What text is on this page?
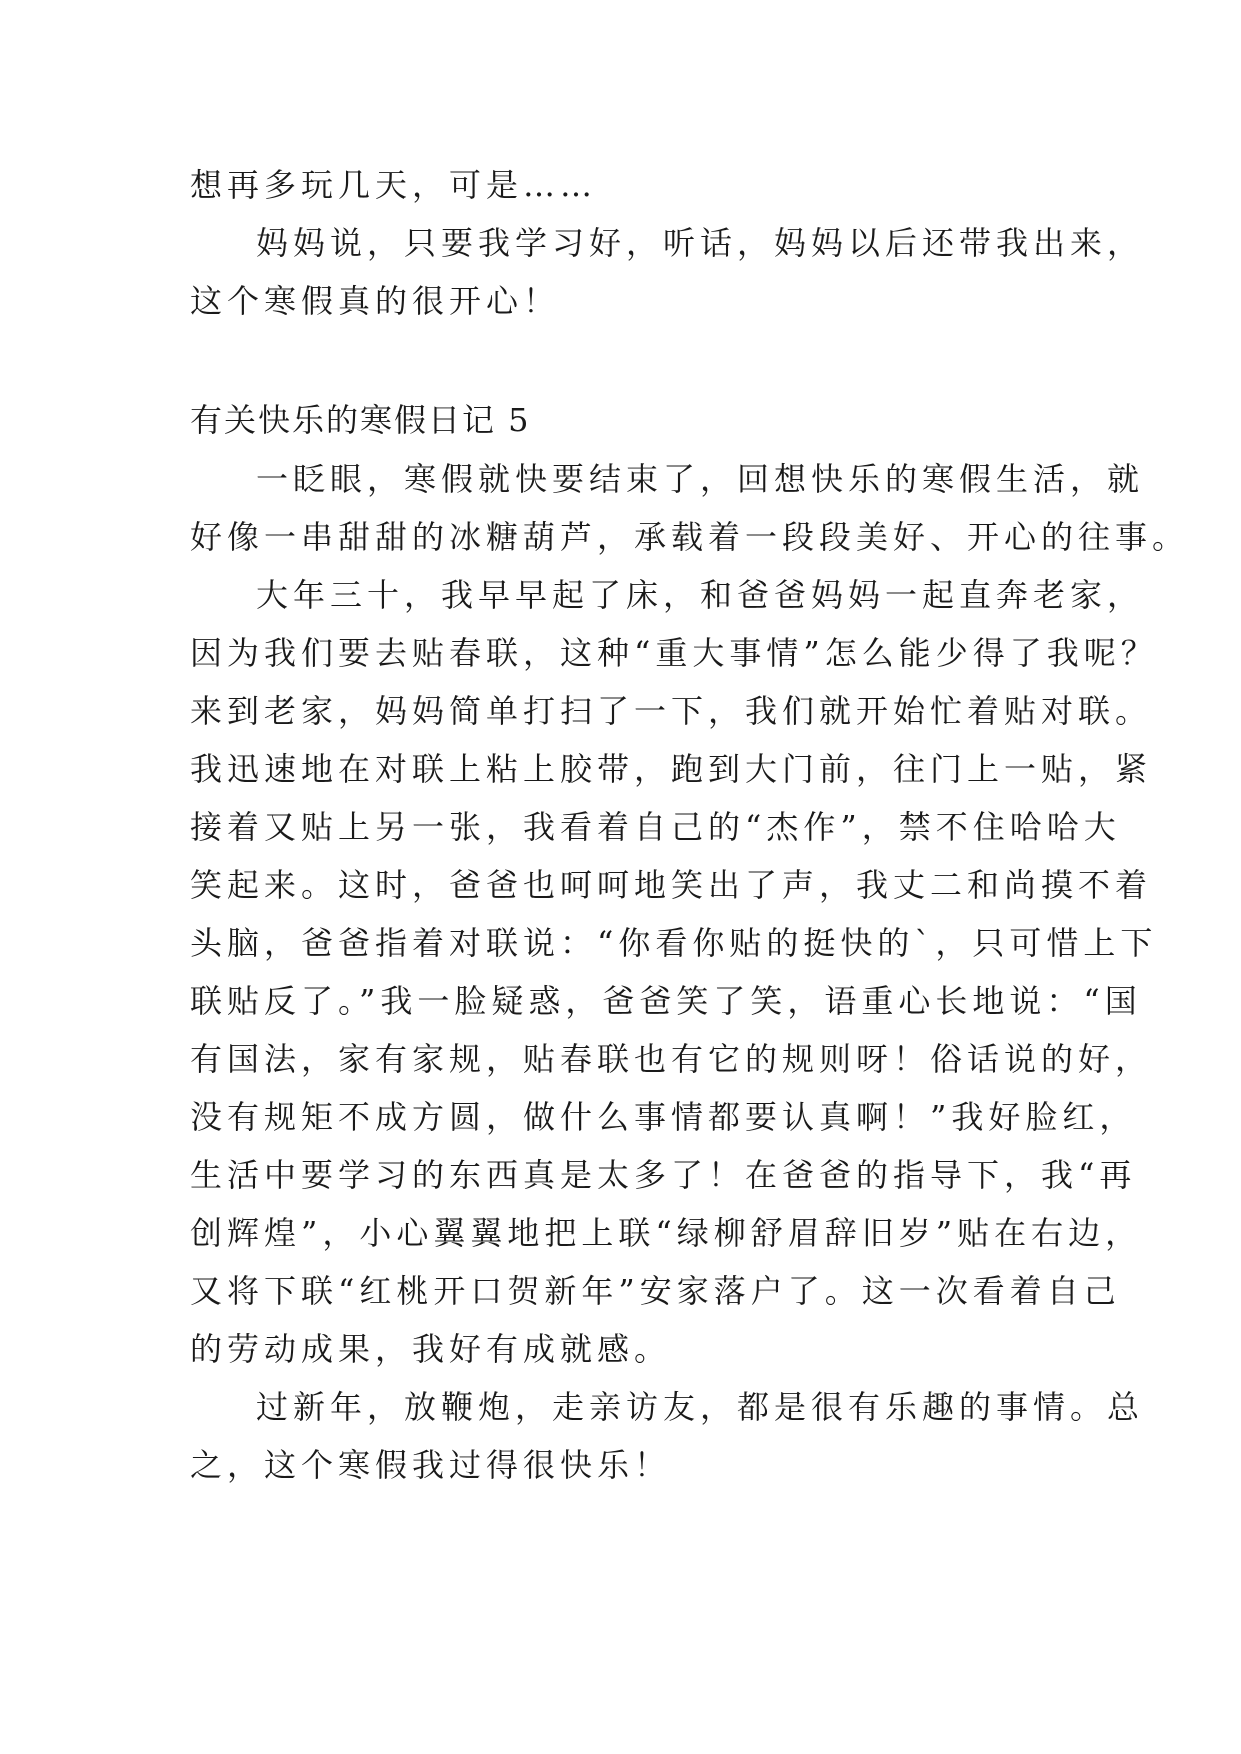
想再多玩几天，可是……
妈妈说，只要我学习好，听话，妈妈以后还带我出来，
这个寒假真的很开心！
有关快乐的寒假日记 5
一眨眼，寒假就快要结束了，回想快乐的寒假生活，就
好像一串甜甜的冰糖葫芦，承载着一段段美好、开心的往事。
大年三十，我早早起了床，和爸爸妈妈一起直奔老家，
因为我们要去贴春联，这种“重大事情”怎么能少得了我呢？
来到老家，妈妈简单打扫了一下，我们就开始忙着贴对联。
我迅速地在对联上粘上胶带，跑到大门前，往门上一贴，紧
接着又贴上另一张，我看着自己的“杰作”，禁不住哈哈大
笑起来。这时，爸爸也呵呵地笑出了声，我丈二和尚摸不着
头脑，爸爸指着对联说：“你看你贴的挺快的`，只可惜上下
联贴反了。”我一脸疑惑，爸爸笑了笑，语重心长地说：“国
有国法，家有家规，贴春联也有它的规则呀！俗话说的好，
没有规矩不成方圆，做什么事情都要认真啊！”我好脸红，
生活中要学习的东西真是太多了！在爸爸的指导下，我“再
创辉煌”，小心翼翼地把上联“绿柳舒眉辞旧岁”贴在右边，
又将下联“红桃开口贺新年”安家落户了。这一次看着自己
的劳动成果，我好有成就感。
过新年，放鞭炮，走亲访友，都是很有乐趣的事情。总
之，这个寒假我过得很快乐！
